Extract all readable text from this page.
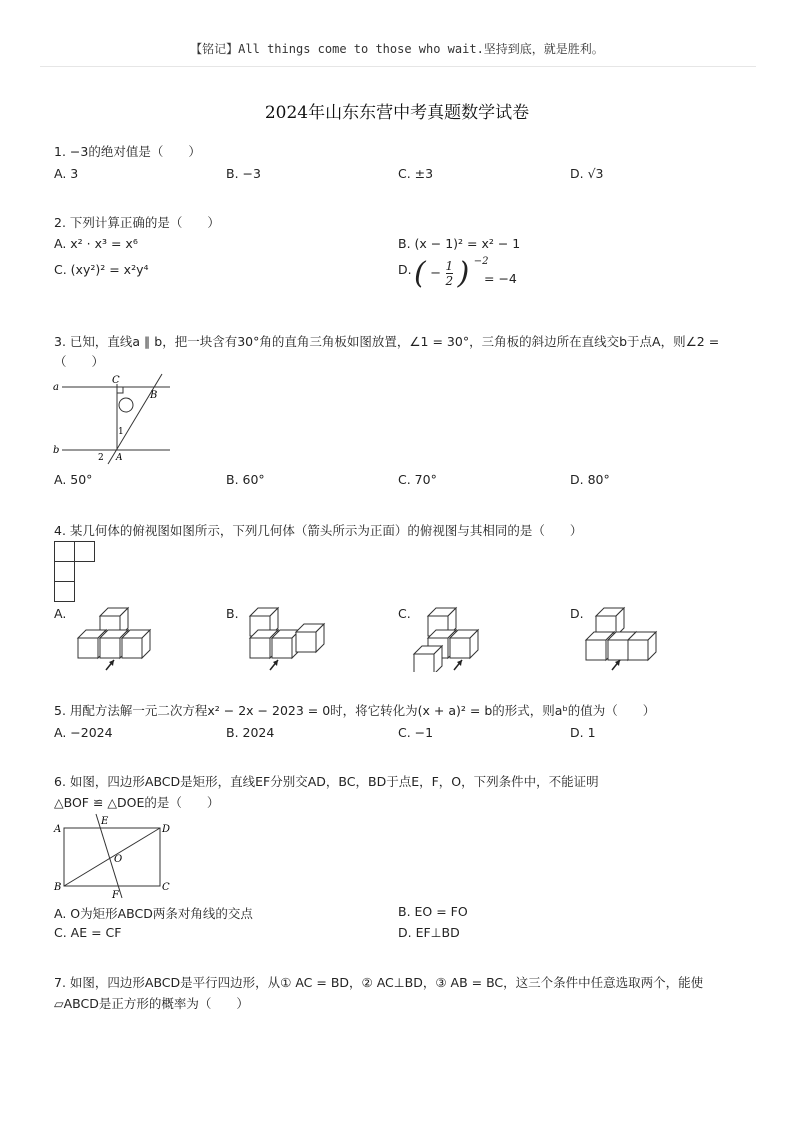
【铭记】All things come to those who wait.坚持到底，就是胜利。
2024年山东东营中考真题数学试卷
1. −3的绝对值是（　　）
A. 3	B. −3	C. ±3	D. √3
2. 下列计算正确的是（　　）
A. x² · x³ = x⁶	B. (x − 1)² = x² − 1
C. (xy²)² = x²y⁴	D. ( − 1

2 ) $^{-2}$
= −4
3. 已知，直线a ∥ b，把一块含有30°角的直角三角板如图放置，∠1 = 30°，三角板的斜边所在直线交b于点A，则∠2 =
（　　）
a
b
C
B
A
1
2
A. 50°	B. 60°	C. 70°	D. 80°
4. 某几何体的俯视图如图所示，下列几何体（箭头所示为正面）的俯视图与其相同的是（　　）
A.	B.	C.	D.
5. 用配方法解一元二次方程x² − 2x − 2023 = 0时，将它转化为(x + a)² = b的形式，则aᵇ的值为（　　）
A. −2024	B. 2024	C. −1	D. 1
6. 如图，四边形ABCD是矩形，直线EF分别交AD，BC，BD于点E，F，O，下列条件中，不能证明
△BOF ≌ △DOE的是（　　）
A
B	C
D
E
F
O
A. O为矩形ABCD两条对角线的交点	B. EO = FO
C. AE = CF	D. EF⊥BD
7. 如图，四边形ABCD是平行四边形，从① AC = BD，② AC⊥BD，③ AB = BC，这三个条件中任意选取两个，能使
▱ABCD是正方形的概率为（　　）
